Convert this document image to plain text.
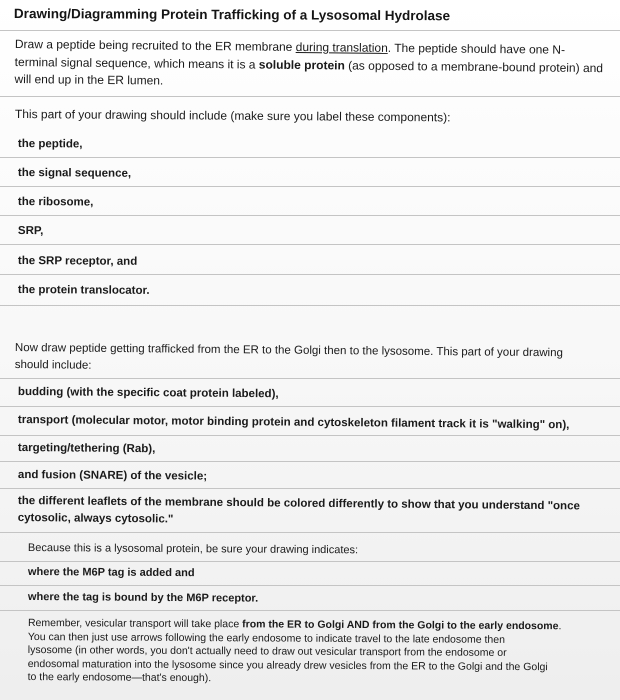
Drawing/Diagramming Protein Trafficking of a Lysosomal Hydrolase
Draw a peptide being recruited to the ER membrane during translation. The peptide should have one N-
terminal signal sequence, which means it is a soluble protein (as opposed to a membrane-bound protein) and
will end up in the ER lumen.
This part of your drawing should include (make sure you label these components):
the peptide,
the signal sequence,
the ribosome,
SRP,
the SRP receptor, and
the protein translocator.
Now draw peptide getting trafficked from the ER to the Golgi then to the lysosome. This part of your drawing
should include:
budding (with the specific coat protein labeled),
transport (molecular motor, motor binding protein and cytoskeleton filament track it is "walking" on),
targeting/tethering (Rab),
and fusion (SNARE) of the vesicle;
the different leaflets of the membrane should be colored differently to show that you understand "once
cytosolic, always cytosolic."
Because this is a lysosomal protein, be sure your drawing indicates:
where the M6P tag is added and
where the tag is bound by the M6P receptor.
Remember, vesicular transport will take place from the ER to Golgi AND from the Golgi to the early endosome.
You can then just use arrows following the early endosome to indicate travel to the late endosome then
lysosome (in other words, you don't actually need to draw out vesicular transport from the endosome or
endosomal maturation into the lysosome since you already drew vesicles from the ER to the Golgi and the Golgi
to the early endosome—that's enough).
